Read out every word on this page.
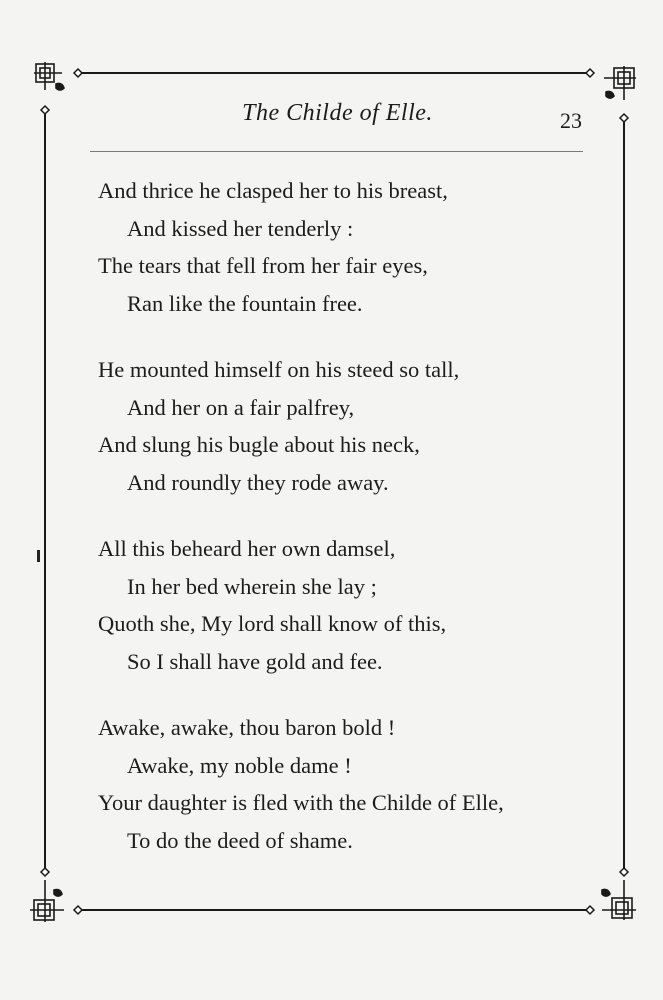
The Childe of Elle.	23
And thrice he clasped her to his breast,
And kissed her tenderly :
The tears that fell from her fair eyes,
Ran like the fountain free.
He mounted himself on his steed so tall,
And her on a fair palfrey,
And slung his bugle about his neck,
And roundly they rode away.
All this beheard her own damsel,
In her bed wherein she lay ;
Quoth she, My lord shall know of this,
So I shall have gold and fee.
Awake, awake, thou baron bold !
Awake, my noble dame !
Your daughter is fled with the Childe of Elle,
To do the deed of shame.
